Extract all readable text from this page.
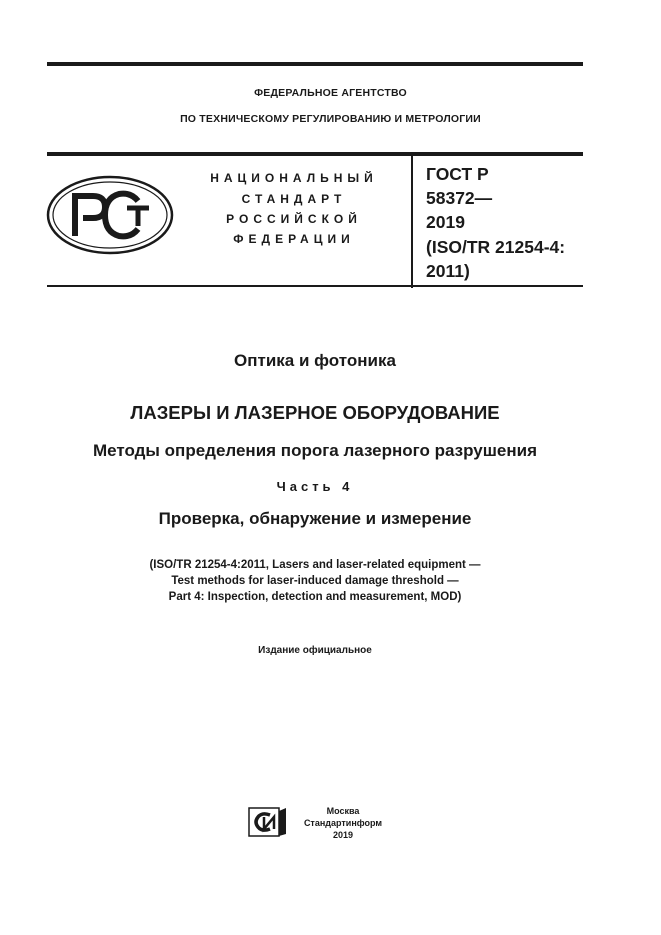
ФЕДЕРАЛЬНОЕ АГЕНТСТВО
ПО ТЕХНИЧЕСКОМУ РЕГУЛИРОВАНИЮ И МЕТРОЛОГИИ
НАЦИОНАЛЬНЫЙ
СТАНДАРТ
РОССИЙСКОЙ
ФЕДЕРАЦИИ
ГОСТ Р
58372—
2019
(ISO/TR 21254-4:
2011)
Оптика и фотоника
ЛАЗЕРЫ И ЛАЗЕРНОЕ ОБОРУДОВАНИЕ
Методы определения порога лазерного разрушения
Часть 4
Проверка, обнаружение и измерение
(ISO/TR 21254-4:2011, Lasers and laser-related equipment —
Test methods for laser-induced damage threshold —
Part 4: Inspection, detection and measurement, MOD)
Издание официальное
Москва
Стандартинформ
2019
